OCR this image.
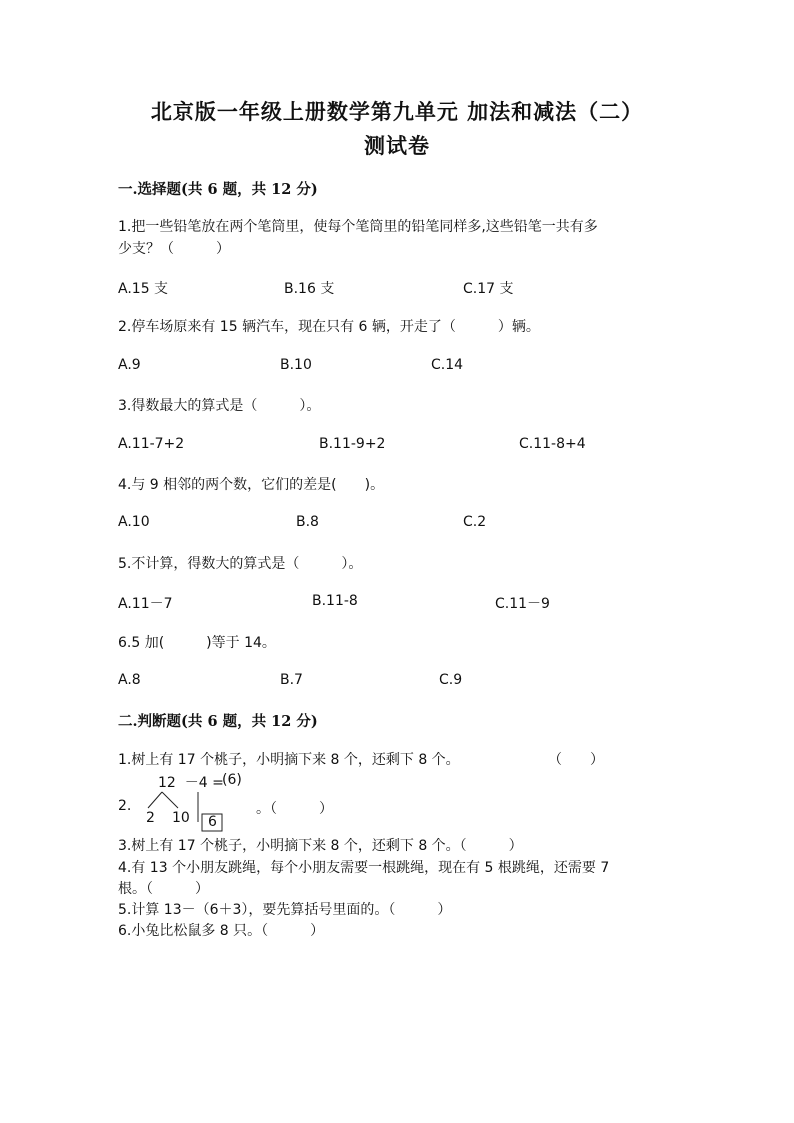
北京版一年级上册数学第九单元 加法和减法（二）
测试卷
一.选择题(共 6 题，共 12 分)
1.把一些铅笔放在两个笔筒里，使每个笔筒里的铅笔同样多,这些铅笔一共有多
少支？（　　　）
A.15 支	B.16 支	C.17 支
2.停车场原来有 15 辆汽车，现在只有 6 辆，开走了（　　　）辆。
A.9	B.10	C.14
3.得数最大的算式是（　　　）。
A.11-7+2	B.11-9+2	C.11-8+4
4.与 9 相邻的两个数，它们的差是(　　)。
A.10	B.8	C.2
5.不计算，得数大的算式是（　　　）。
A.11－7	B.11-8	C.11－9
6.5 加(　　　)等于 14。
A.8	B.7	C.9
二.判断题(共 6 题，共 12 分)
1.树上有 17 个桃子，小明摘下来 8 个，还剩下 8 个。	（　　）
2.
12  －4 =
(6)
2 10 6
。（　　　）
3.树上有 17 个桃子，小明摘下来 8 个，还剩下 8 个。（　　　）
4.有 13 个小朋友跳绳，每个小朋友需要一根跳绳，现在有 5 根跳绳，还需要 7
根。（　　　）
5.计算 13－（6＋3），要先算括号里面的。（　　　）
6.小兔比松鼠多 8 只。（　　　）
